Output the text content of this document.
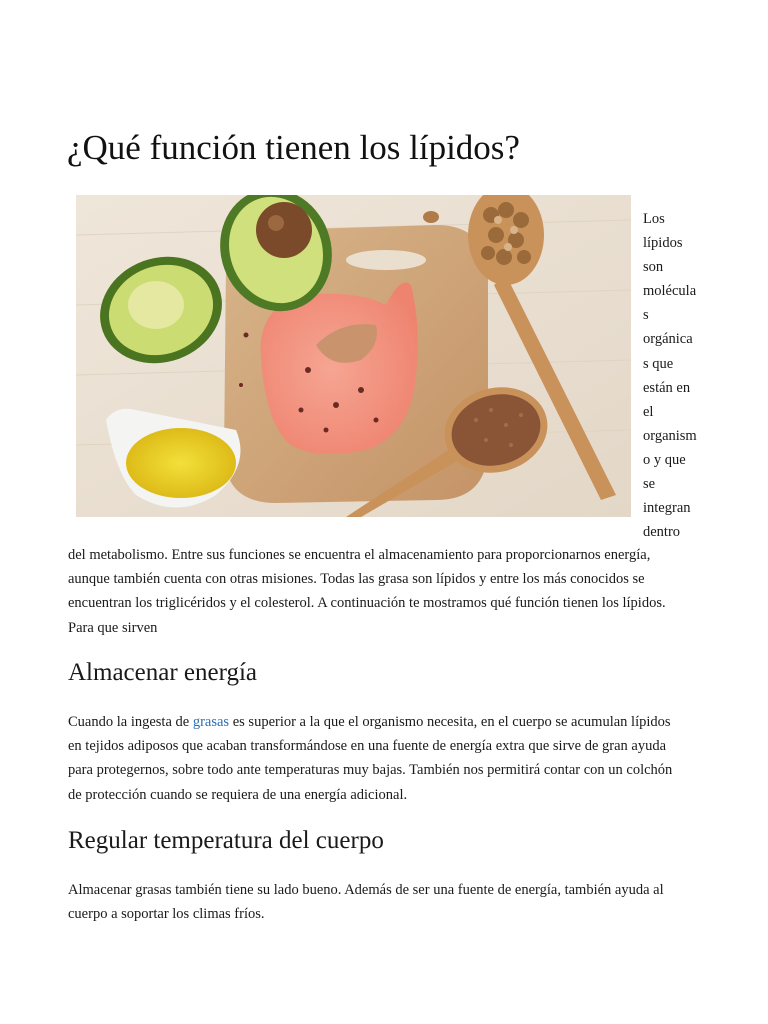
¿Qué función tienen los lípidos?
Los
lípidos
son
molécula
s
orgánica
s que
están en
el
organism
o y que
se
integran
dentro

del metabolismo. Entre sus funciones se encuentra el almacenamiento para proporcionarnos energía,
aunque también cuenta con otras misiones. Todas las grasa son lípidos y entre los más conocidos se
encuentran los triglicéridos y el colesterol. A continuación te mostramos qué función tienen los lípidos.
Para que sirven

Almacenar energía

Cuando la ingesta de grasas es superior a la que el organismo necesita, en el cuerpo se acumulan lípidos
en tejidos adiposos que acaban transformándose en una fuente de energía extra que sirve de gran ayuda
para protegernos, sobre todo ante temperaturas muy bajas. También nos permitirá contar con un colchón
de protección cuando se requiera de una energía adicional.

Regular temperatura del cuerpo

Almacenar grasas también tiene su lado bueno. Además de ser una fuente de energía, también ayuda al
cuerpo a soportar los climas fríos.
